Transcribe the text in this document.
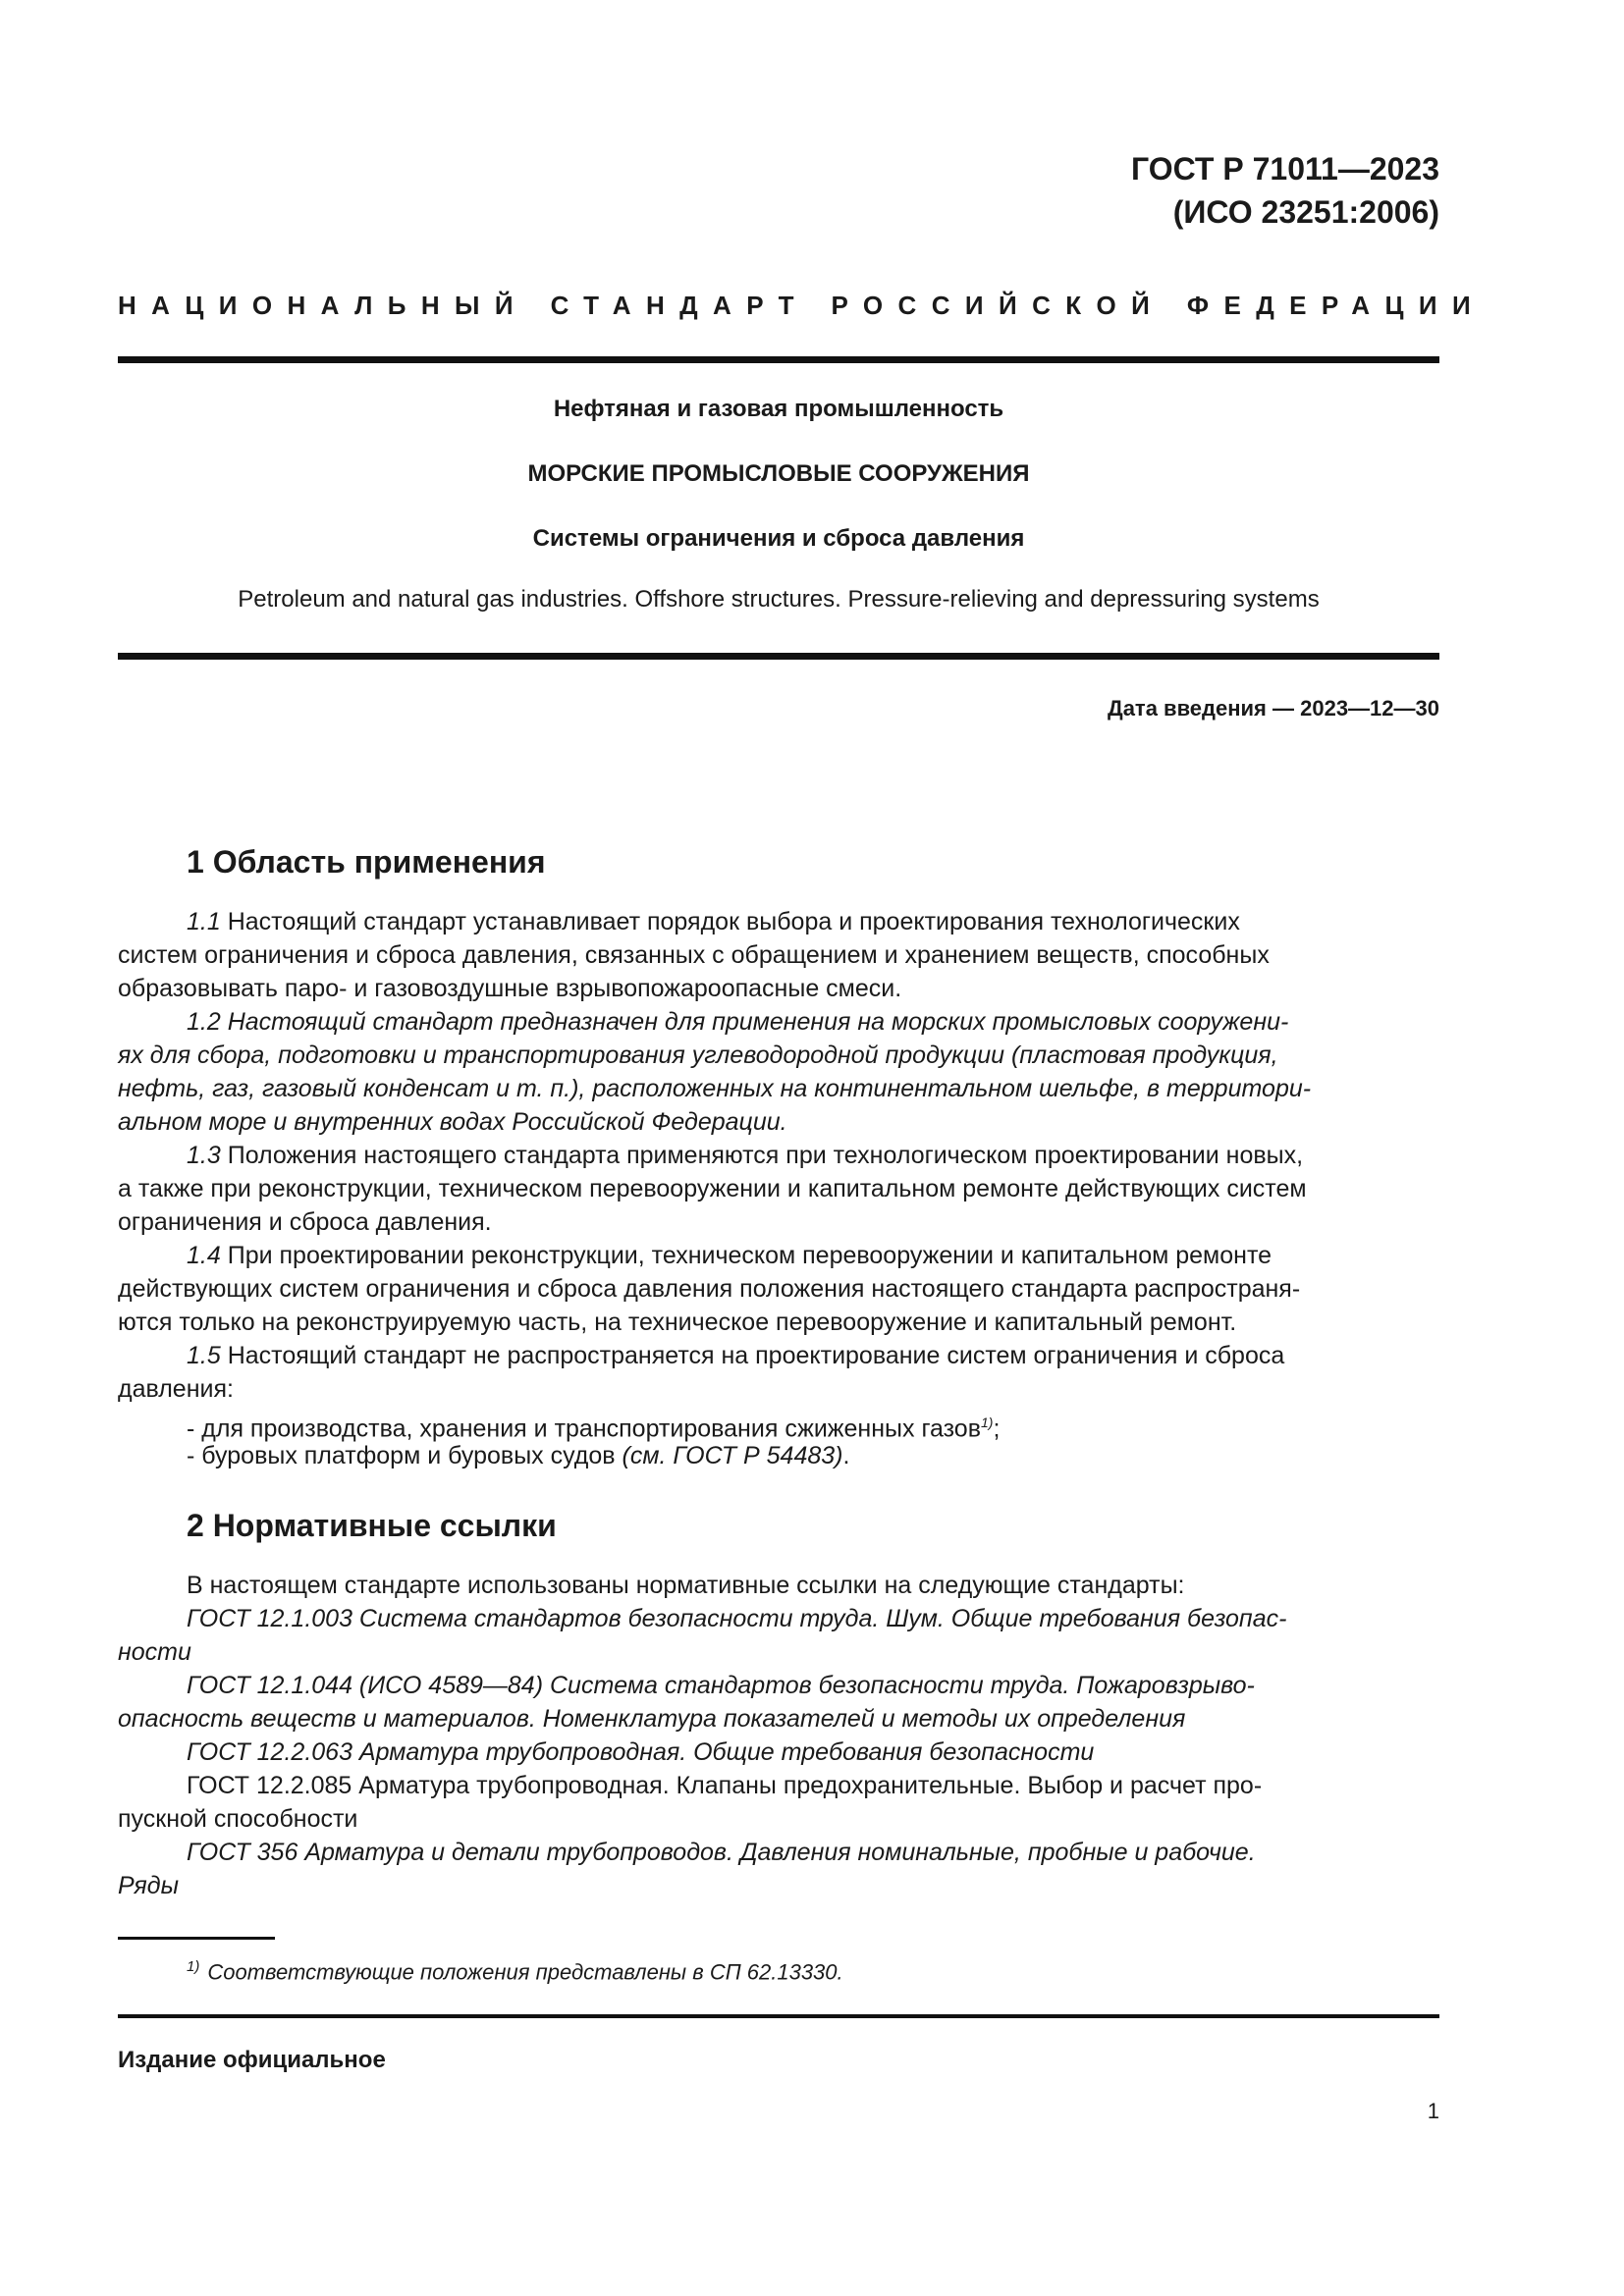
ГОСТ Р 71011—2023
(ИСО 23251:2006)
НАЦИОНАЛЬНЫЙ СТАНДАРТ РОССИЙСКОЙ ФЕДЕРАЦИИ
Нефтяная и газовая промышленность
МОРСКИЕ ПРОМЫСЛОВЫЕ СООРУЖЕНИЯ
Системы ограничения и сброса давления
Petroleum and natural gas industries. Offshore structures. Pressure-relieving and depressuring systems
Дата введения — 2023—12—30
1 Область применения
1.1 Настоящий стандарт устанавливает порядок выбора и проектирования технологических
систем ограничения и сброса давления, связанных с обращением и хранением веществ, способных
образовывать паро- и газовоздушные взрывопожароопасные смеси.
1.2 Настоящий стандарт предназначен для применения на морских промысловых сооружени-
ях для сбора, подготовки и транспортирования углеводородной продукции (пластовая продукция,
нефть, газ, газовый конденсат и т. п.), расположенных на континентальном шельфе, в территори-
альном море и внутренних водах Российской Федерации.
1.3 Положения настоящего стандарта применяются при технологическом проектировании новых,
а также при реконструкции, техническом перевооружении и капитальном ремонте действующих систем
ограничения и сброса давления.
1.4 При проектировании реконструкции, техническом перевооружении и капитальном ремонте
действующих систем ограничения и сброса давления положения настоящего стандарта распространя-
ются только на реконструируемую часть, на техническое перевооружение и капитальный ремонт.
1.5 Настоящий стандарт не распространяется на проектирование систем ограничения и сброса
давления:
- для производства, хранения и транспортирования сжиженных газов$^{1)}$;
- буровых платформ и буровых судов (см. ГОСТ Р 54483).
2 Нормативные ссылки
В настоящем стандарте использованы нормативные ссылки на следующие стандарты:
ГОСТ 12.1.003 Система стандартов безопасности труда. Шум. Общие требования безопас-
ности
ГОСТ 12.1.044 (ИСО 4589—84) Система стандартов безопасности труда. Пожаровзрыво-
опасность веществ и материалов. Номенклатура показателей и методы их определения
ГОСТ 12.2.063 Арматура трубопроводная. Общие требования безопасности
ГОСТ 12.2.085 Арматура трубопроводная. Клапаны предохранительные. Выбор и расчет про-
пускной способности
ГОСТ 356 Арматура и детали трубопроводов. Давления номинальные, пробные и рабочие.
Ряды
$^{1)}$ Соответствующие положения представлены в СП 62.13330.
Издание официальное
1
